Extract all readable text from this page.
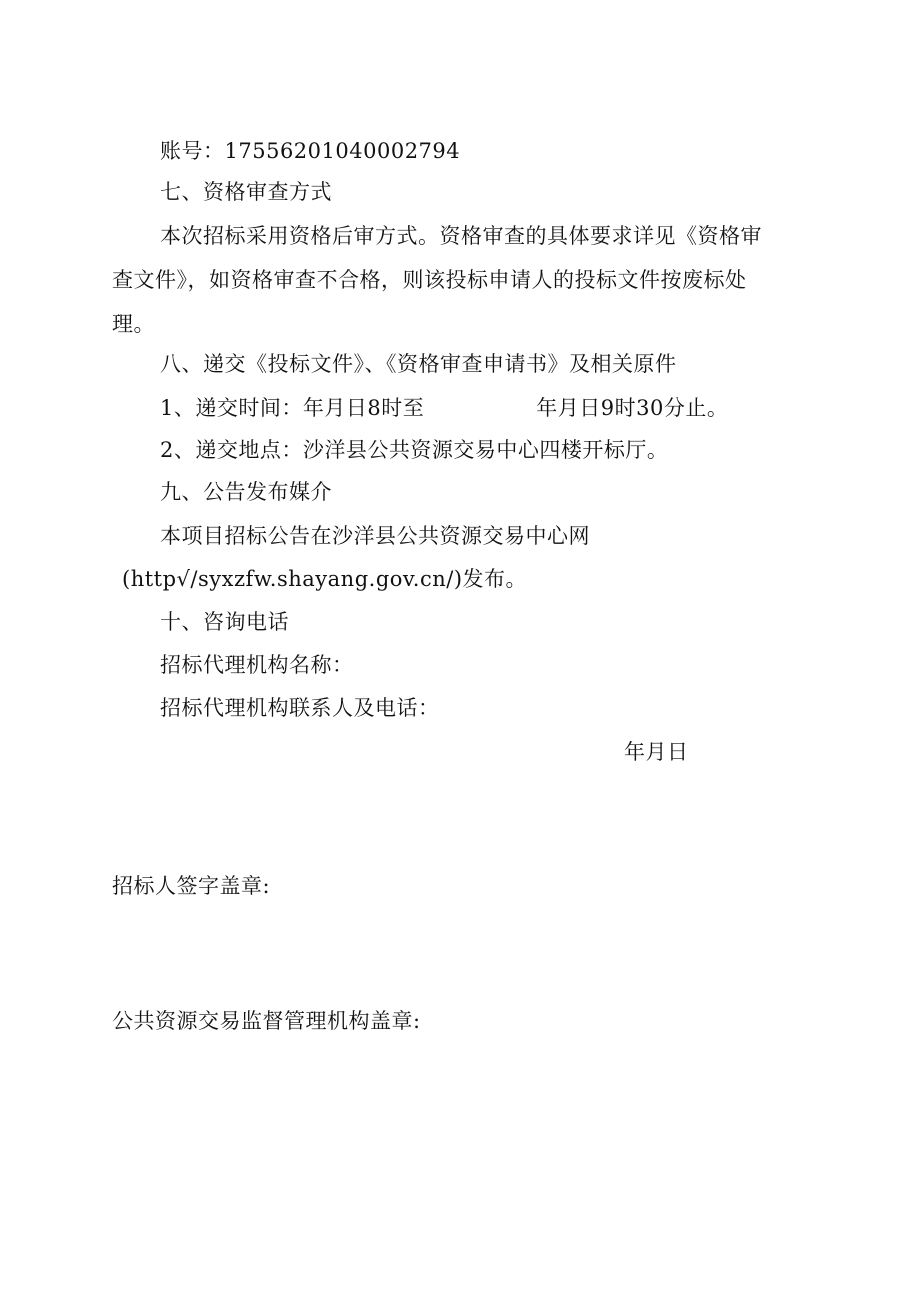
账号：17556201040002794
七、资格审查方式
本次招标采用资格后审方式。资格审查的具体要求详见《资格审
查文件》，如资格审查不合格，则该投标申请人的投标文件按废标处
理。
八、递交《投标文件》、《资格审查申请书》及相关原件
1、递交时间：年月日8时至	年月日9时30分止。
2、递交地点：沙洋县公共资源交易中心四楼开标厅。
九、公告发布媒介
本项目招标公告在沙洋县公共资源交易中心网
(http√/syxzfw.shayang.gov.cn/)发布。
十、咨询电话
招标代理机构名称：
招标代理机构联系人及电话：
年月日
招标人签字盖章:
公共资源交易监督管理机构盖章:
